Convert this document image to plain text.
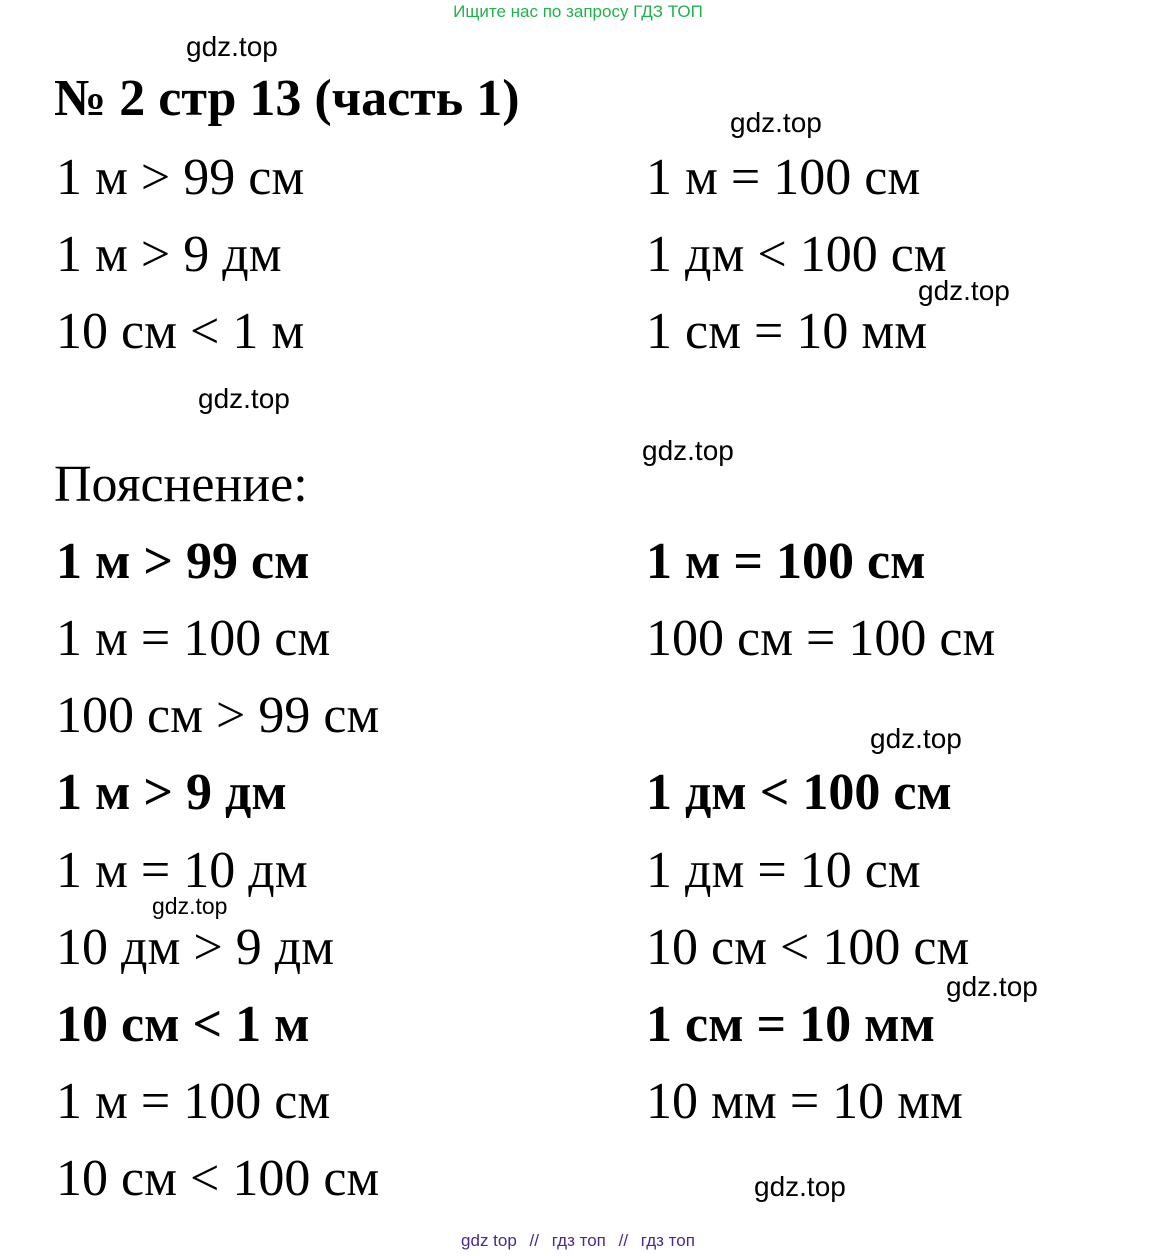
Ищите нас по запросу ГДЗ ТОП
gdz.top
gdz.top
gdz.top
gdz.top
gdz.top
gdz.top
gdz.top
gdz.top
gdz.top
№ 2 стр 13 (часть 1)
1 м > 99 см
1 м > 9 дм
10 см < 1 м
1 м = 100 см
1 дм < 100 см
1 см = 10 мм
Пояснение:
1 м > 99 см
1 м = 100 см
100 см > 99 см
1 м > 9 дм
1 м = 10 дм
10 дм > 9 дм
10 см < 1 м
1 м = 100 см
10 см < 100 см
1 м = 100 см
100 см = 100 см
1 дм < 100 см
1 дм = 10 см
10 см < 100 см
1 см = 10 мм
10 мм = 10 мм
gdz top // гдз топ // гдз топ
